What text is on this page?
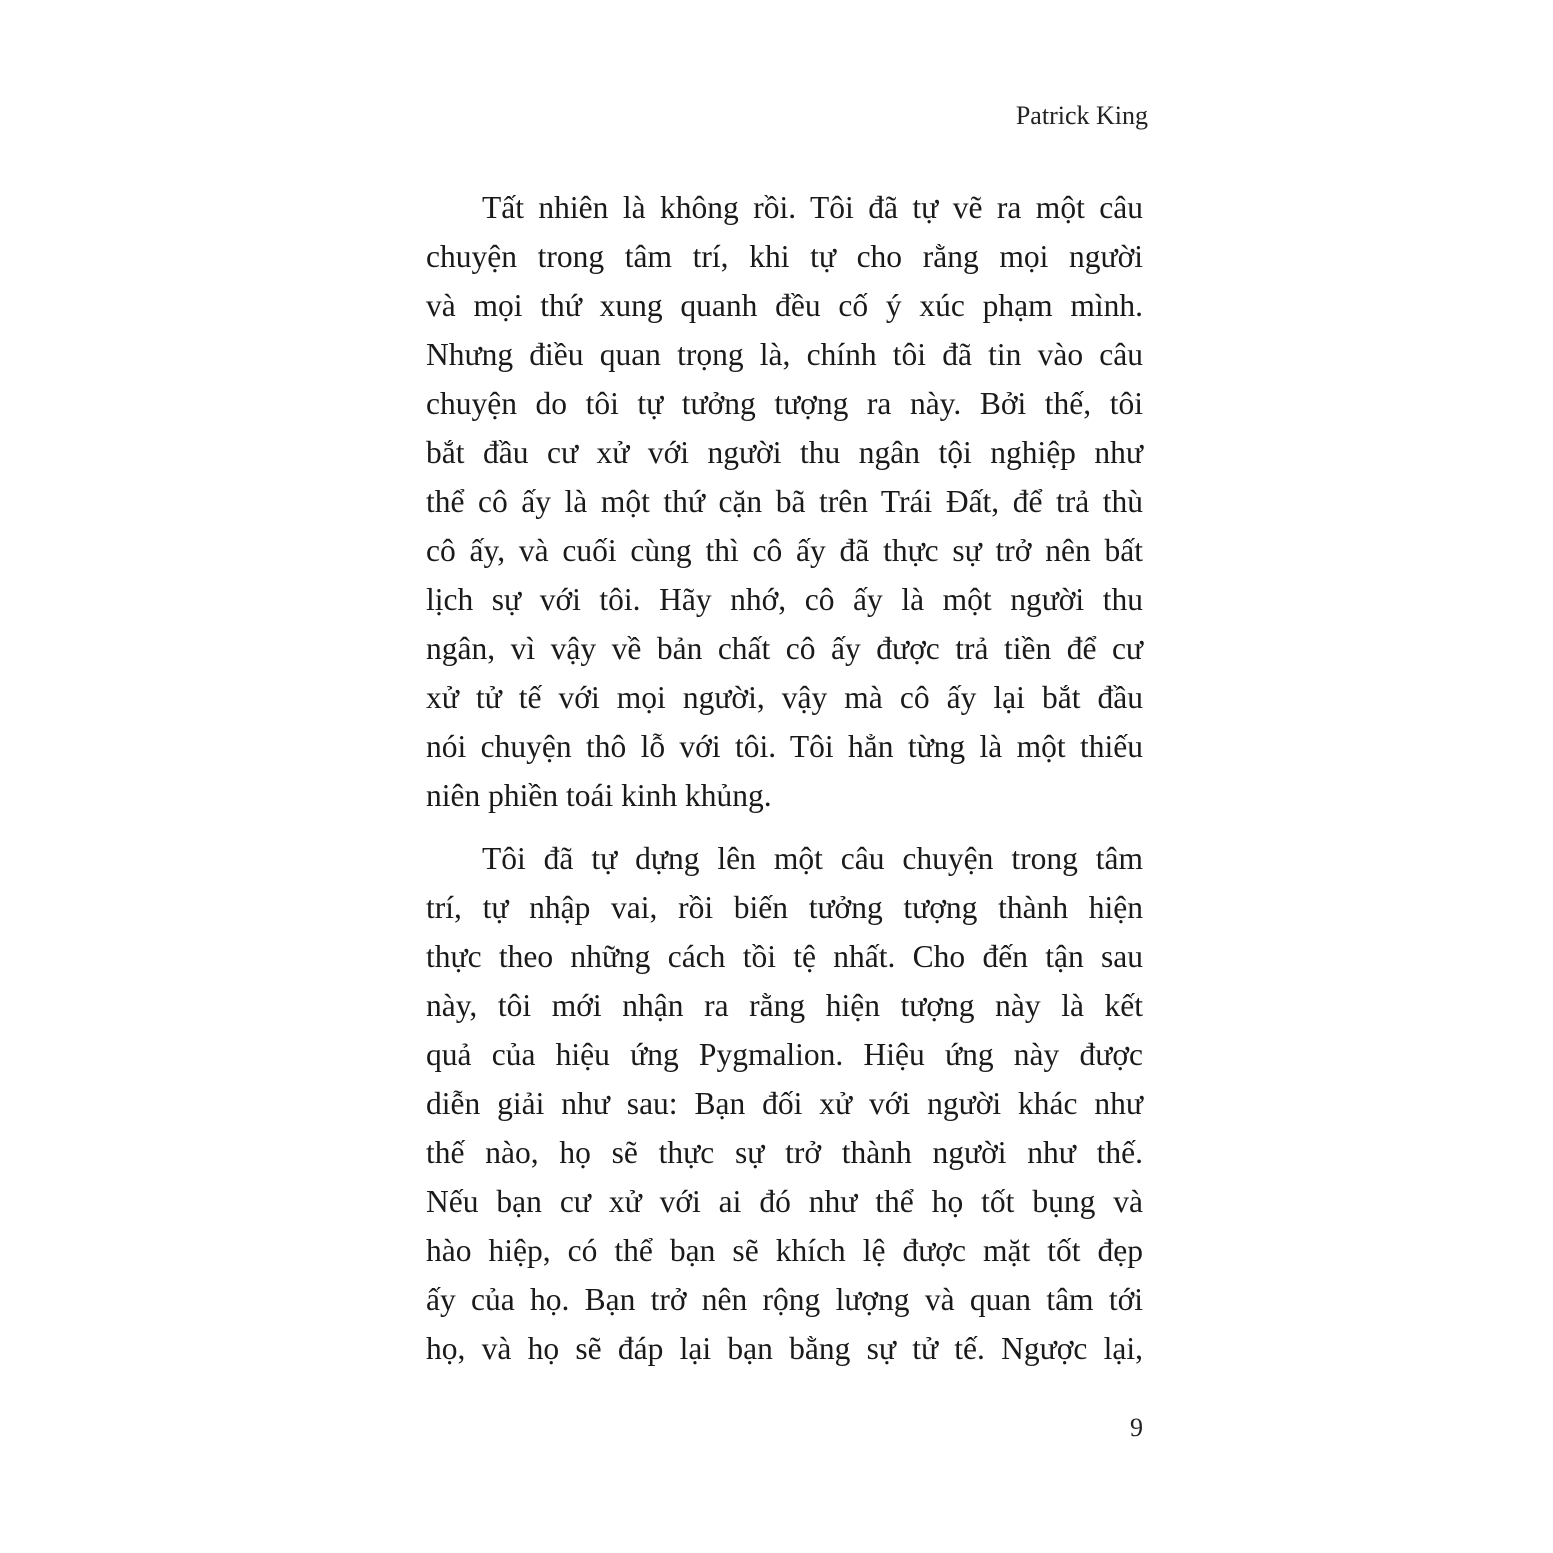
Patrick King

Tất nhiên là không rồi. Tôi đã tự vẽ ra một câu
chuyện trong tâm trí, khi tự cho rằng mọi người
và mọi thứ xung quanh đều cố ý xúc phạm mình.
Nhưng điều quan trọng là, chính tôi đã tin vào câu
chuyện do tôi tự tưởng tượng ra này. Bởi thế, tôi
bắt đầu cư xử với người thu ngân tội nghiệp như
thể cô ấy là một thứ cặn bã trên Trái Đất, để trả thù
cô ấy, và cuối cùng thì cô ấy đã thực sự trở nên bất
lịch sự với tôi. Hãy nhớ, cô ấy là một người thu
ngân, vì vậy về bản chất cô ấy được trả tiền để cư
xử tử tế với mọi người, vậy mà cô ấy lại bắt đầu
nói chuyện thô lỗ với tôi. Tôi hẳn từng là một thiếu
niên phiền toái kinh khủng.

Tôi đã tự dựng lên một câu chuyện trong tâm
trí, tự nhập vai, rồi biến tưởng tượng thành hiện
thực theo những cách tồi tệ nhất. Cho đến tận sau
này, tôi mới nhận ra rằng hiện tượng này là kết
quả của hiệu ứng Pygmalion. Hiệu ứng này được
diễn giải như sau: Bạn đối xử với người khác như
thế nào, họ sẽ thực sự trở thành người như thế.
Nếu bạn cư xử với ai đó như thể họ tốt bụng và
hào hiệp, có thể bạn sẽ khích lệ được mặt tốt đẹp
ấy của họ. Bạn trở nên rộng lượng và quan tâm tới
họ, và họ sẽ đáp lại bạn bằng sự tử tế. Ngược lại,

9
